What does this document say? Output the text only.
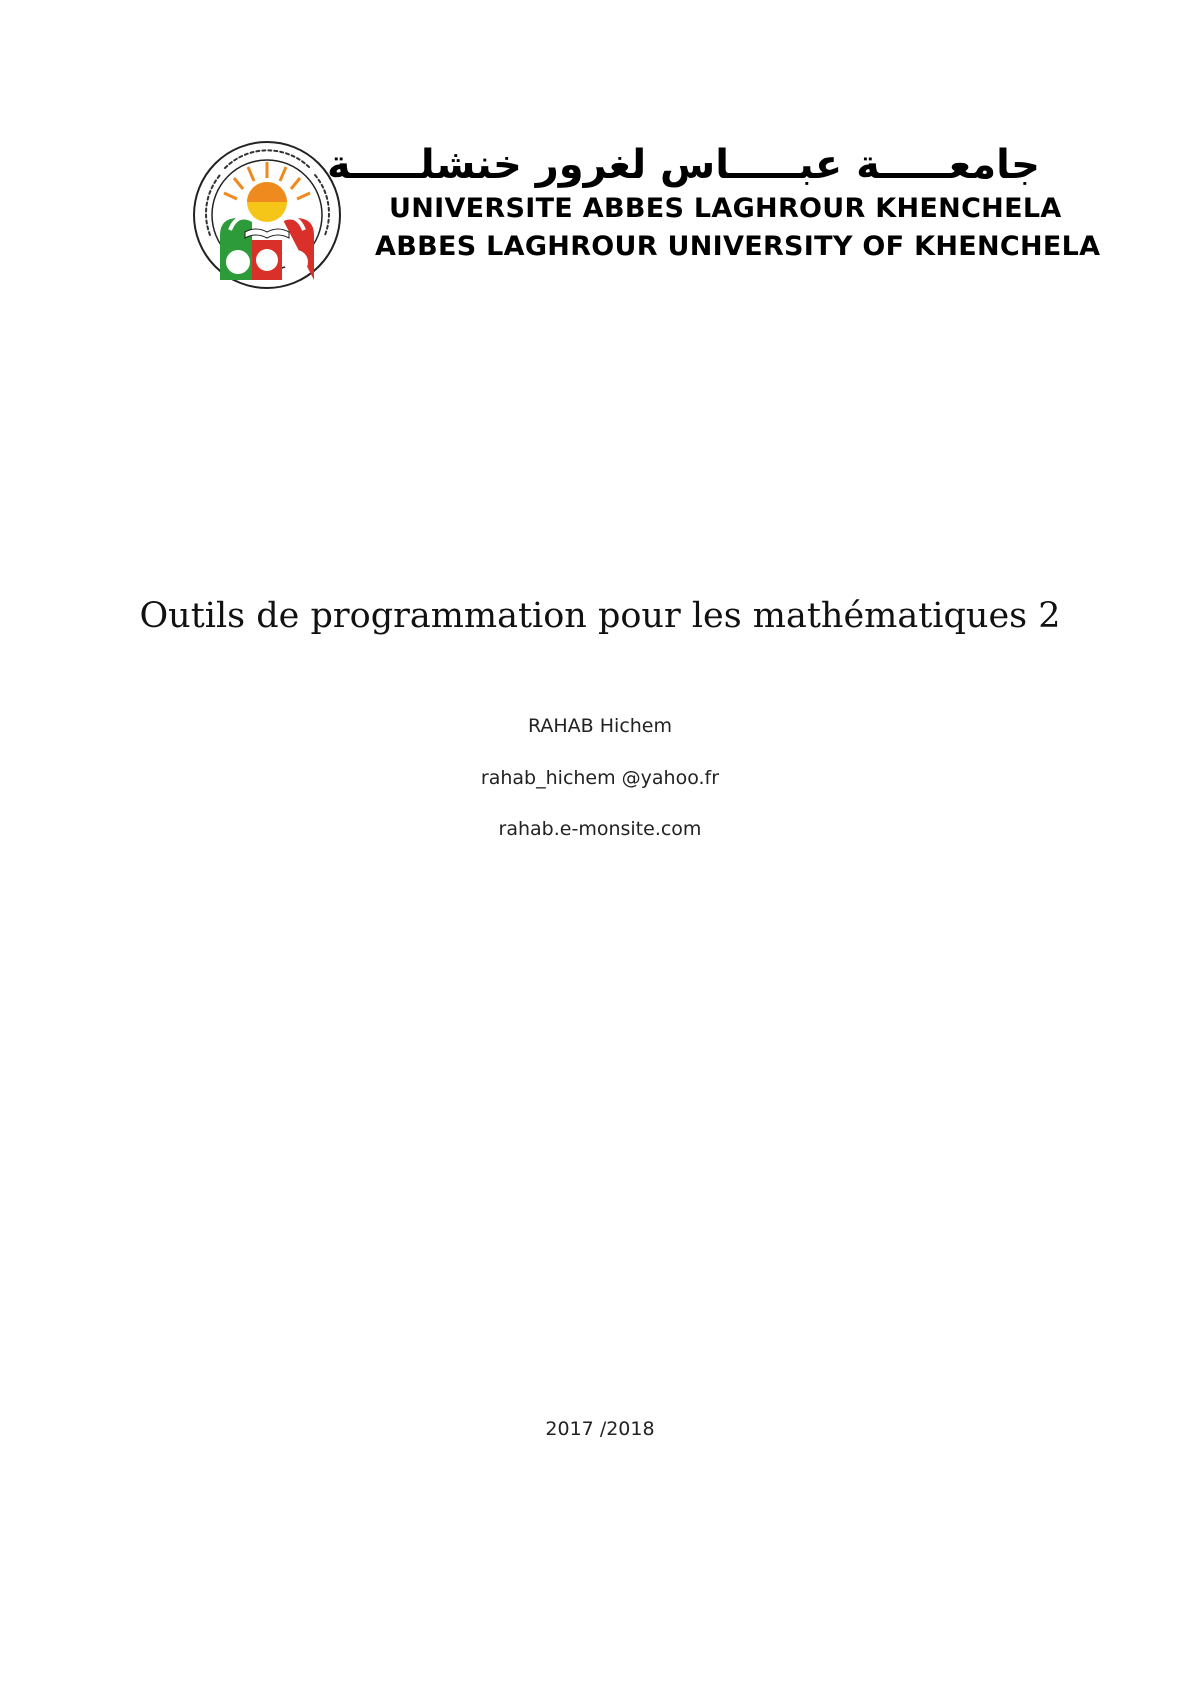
جامعـــــة عبـــــاس لغرور خنشلـــــة
UNIVERSITE ABBES LAGHROUR KHENCHELA
ABBES LAGHROUR UNIVERSITY OF KHENCHELA
Outils de programmation pour les mathématiques 2
RAHAB Hichem
rahab_hichem @yahoo.fr
rahab.e-monsite.com
2017 /2018
